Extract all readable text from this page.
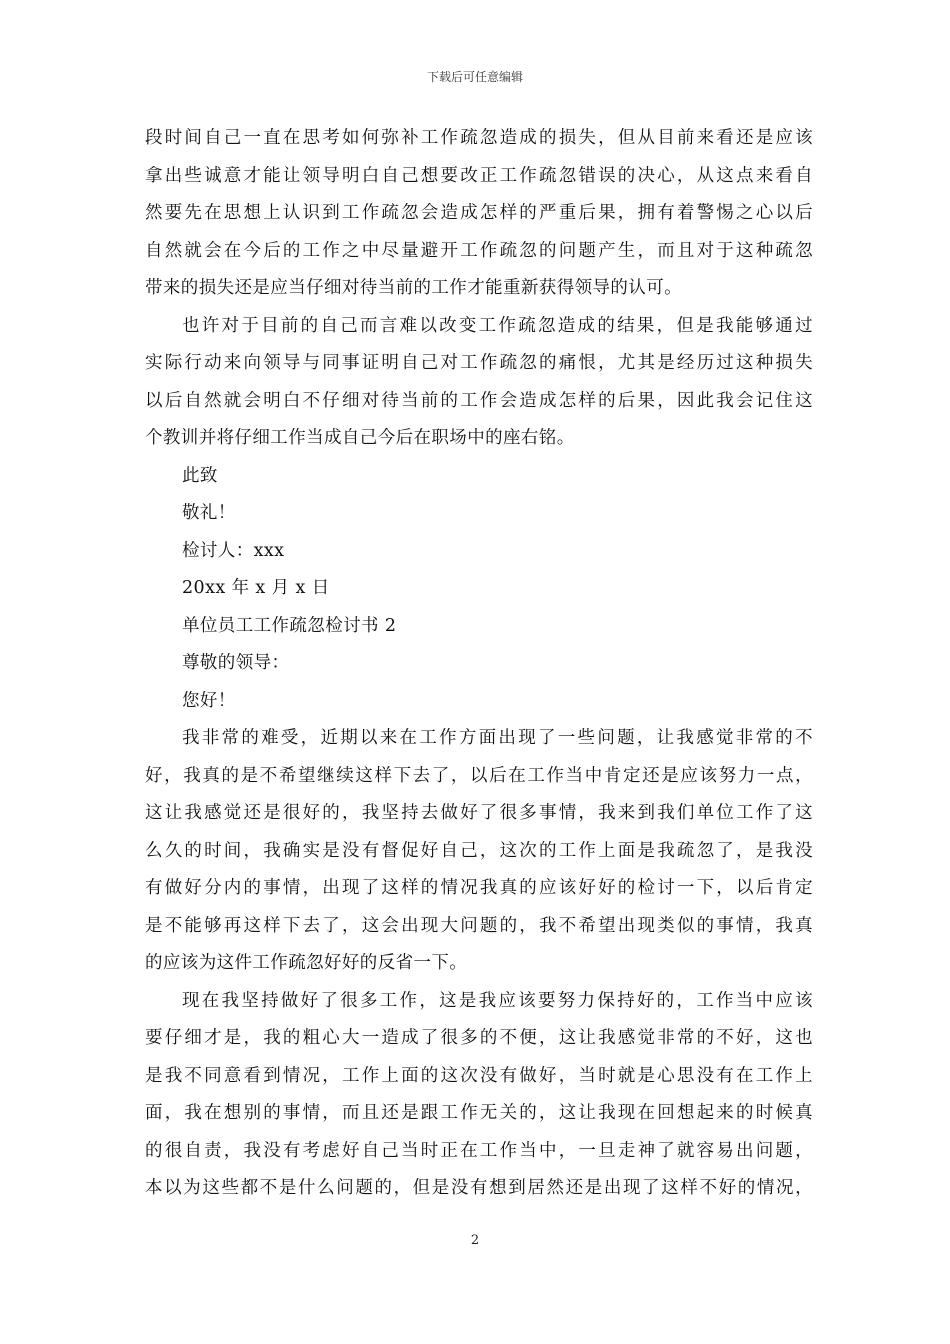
下载后可任意编辑
段时间自己一直在思考如何弥补工作疏忽造成的损失，但从目前来看还是应该
拿出些诚意才能让领导明白自己想要改正工作疏忽错误的决心，从这点来看自
然要先在思想上认识到工作疏忽会造成怎样的严重后果，拥有着警惕之心以后
自然就会在今后的工作之中尽量避开工作疏忽的问题产生，而且对于这种疏忽
带来的损失还是应当仔细对待当前的工作才能重新获得领导的认可。
也许对于目前的自己而言难以改变工作疏忽造成的结果，但是我能够通过
实际行动来向领导与同事证明自己对工作疏忽的痛恨，尤其是经历过这种损失
以后自然就会明白不仔细对待当前的工作会造成怎样的后果，因此我会记住这
个教训并将仔细工作当成自己今后在职场中的座右铭。
此致
敬礼！
检讨人：xxx
20xx 年 x 月 x 日
单位员工工作疏忽检讨书 2
尊敬的领导：
您好！
我非常的难受，近期以来在工作方面出现了一些问题，让我感觉非常的不
好，我真的是不希望继续这样下去了，以后在工作当中肯定还是应该努力一点，
这让我感觉还是很好的，我坚持去做好了很多事情，我来到我们单位工作了这
么久的时间，我确实是没有督促好自己，这次的工作上面是我疏忽了，是我没
有做好分内的事情，出现了这样的情况我真的应该好好的检讨一下，以后肯定
是不能够再这样下去了，这会出现大问题的，我不希望出现类似的事情，我真
的应该为这件工作疏忽好好的反省一下。
现在我坚持做好了很多工作，这是我应该要努力保持好的，工作当中应该
要仔细才是，我的粗心大一造成了很多的不便，这让我感觉非常的不好，这也
是我不同意看到情况，工作上面的这次没有做好，当时就是心思没有在工作上
面，我在想别的事情，而且还是跟工作无关的，这让我现在回想起来的时候真
的很自责，我没有考虑好自己当时正在工作当中，一旦走神了就容易出问题，
本以为这些都不是什么问题的，但是没有想到居然还是出现了这样不好的情况，
2
